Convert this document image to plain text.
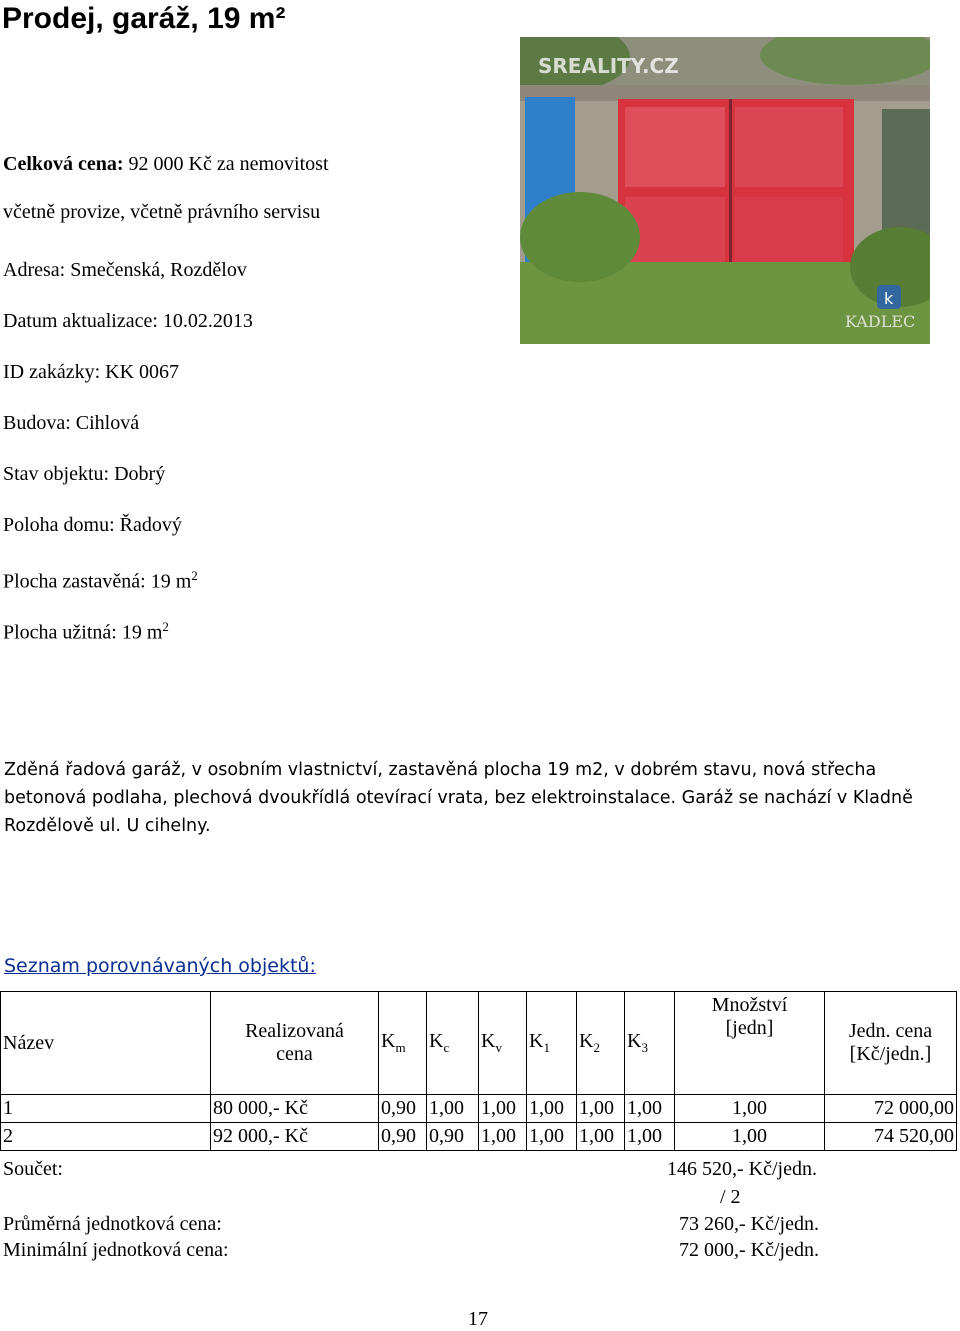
Prodej, garáž, 19 m²
Celková cena: 92 000 Kč za nemovitost
včetně provize, včetně právního servisu
Adresa: Smečenská, Rozdělov
Datum aktualizace: 10.02.2013
ID zakázky: KK 0067
Budova: Cihlová
Stav objektu: Dobrý
Poloha domu: Řadový
Plocha zastavěná: 19 $m^2$
Plocha užitná: 19 $m^2$
SREALITY.CZ
k
KADLEC

Zděná řadová garáž, v osobním vlastnictví, zastavěná plocha 19 m2, v dobrém stavu, nová střecha betonová podlaha, plechová dvoukřídlá otevírací vrata, bez elektroinstalace. Garáž se nachází v Kladně Rozdělově ul. U cihelny.

Seznam porovnávaných objektů:
Název	Realizovaná
cena	$K_m$	$K_c$	$K_v$	$K_1$	$K_2$	$K_3$	Množství
[jedn]	Jedn. cena
[Kč/jedn.]
1	80 000,- Kč	0,90	1,00	1,00	1,00	1,00	1,00	1,00	72 000,00
2	92 000,- Kč	0,90	0,90	1,00	1,00	1,00	1,00	1,00	74 520,00
Součet:	146 520,- Kč/jedn.
/ 2
Průměrná jednotková cena:	73 260,- Kč/jedn.
Minimální jednotková cena:	72 000,- Kč/jedn.
17
